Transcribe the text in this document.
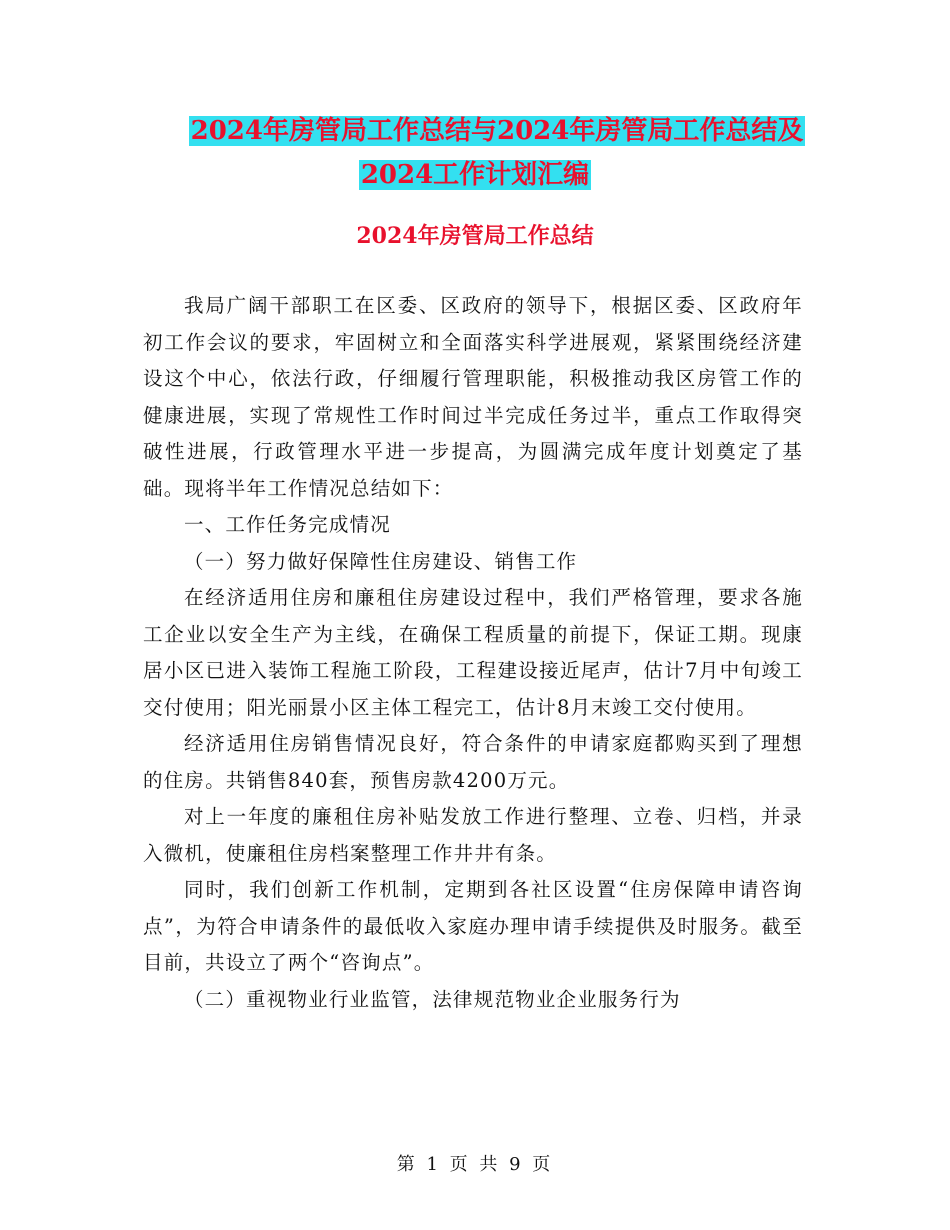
2024年房管局工作总结与2024年房管局工作总结及
2024工作计划汇编
2024年房管局工作总结

我局广阔干部职工在区委、区政府的领导下，根据区委、区政府年初工作会议的要求，牢固树立和全面落实科学进展观，紧紧围绕经济建设这个中心，依法行政，仔细履行管理职能，积极推动我区房管工作的健康进展，实现了常规性工作时间过半完成任务过半，重点工作取得突破性进展，行政管理水平进一步提高，为圆满完成年度计划奠定了基础。现将半年工作情况总结如下：

一、工作任务完成情况

（一）努力做好保障性住房建设、销售工作

在经济适用住房和廉租住房建设过程中，我们严格管理，要求各施工企业以安全生产为主线，在确保工程质量的前提下，保证工期。现康居小区已进入装饰工程施工阶段，工程建设接近尾声，估计7月中旬竣工交付使用；阳光丽景小区主体工程完工，估计8月末竣工交付使用。

经济适用住房销售情况良好，符合条件的申请家庭都购买到了理想的住房。共销售840套，预售房款4200万元。

对上一年度的廉租住房补贴发放工作进行整理、立卷、归档，并录入微机，使廉租住房档案整理工作井井有条。

同时，我们创新工作机制，定期到各社区设置“住房保障申请咨询点”，为符合申请条件的最低收入家庭办理申请手续提供及时服务。截至目前，共设立了两个“咨询点”。

（二）重视物业行业监管，法律规范物业企业服务行为

第 1 页 共 9 页
